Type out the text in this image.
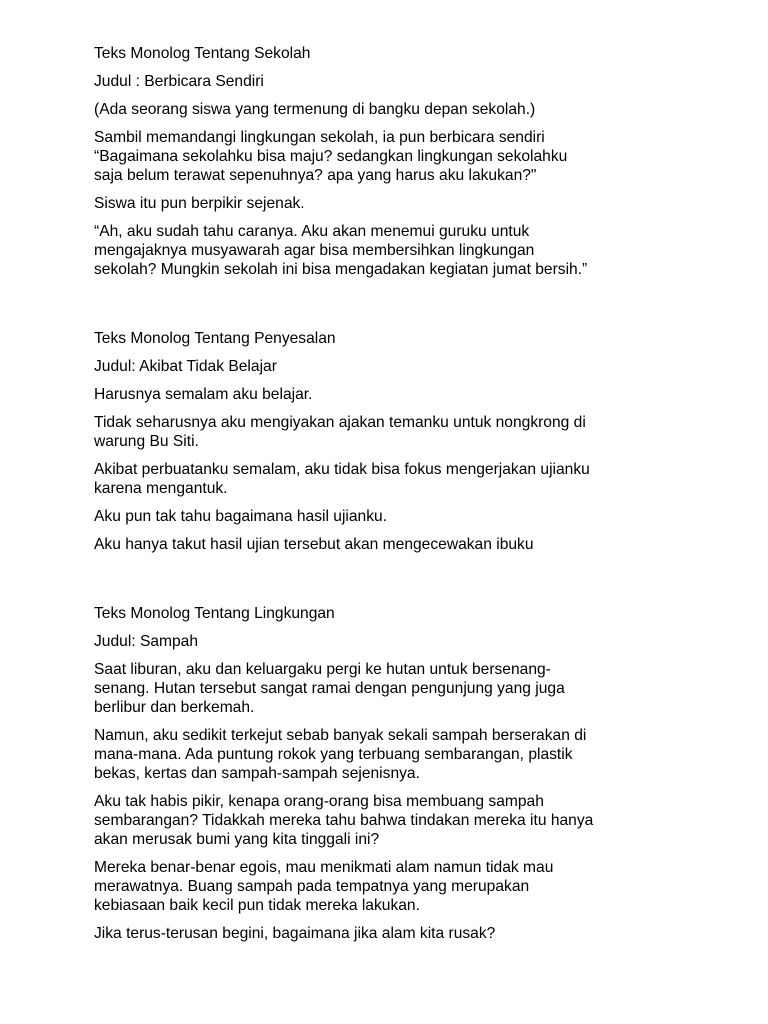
Teks Monolog Tentang Sekolah

Judul : Berbicara Sendiri

(Ada seorang siswa yang termenung di bangku depan sekolah.)

Sambil memandangi lingkungan sekolah, ia pun berbicara sendiri
“Bagaimana sekolahku bisa maju? sedangkan lingkungan sekolahku
saja belum terawat sepenuhnya? apa yang harus aku lakukan?"

Siswa itu pun berpikir sejenak.

“Ah, aku sudah tahu caranya. Aku akan menemui guruku untuk
mengajaknya musyawarah agar bisa membersihkan lingkungan
sekolah? Mungkin sekolah ini bisa mengadakan kegiatan jumat bersih.”

Teks Monolog Tentang Penyesalan

Judul: Akibat Tidak Belajar

Harusnya semalam aku belajar.

Tidak seharusnya aku mengiyakan ajakan temanku untuk nongkrong di
warung Bu Siti.

Akibat perbuatanku semalam, aku tidak bisa fokus mengerjakan ujianku
karena mengantuk.

Aku pun tak tahu bagaimana hasil ujianku.

Aku hanya takut hasil ujian tersebut akan mengecewakan ibuku

Teks Monolog Tentang Lingkungan

Judul: Sampah

Saat liburan, aku dan keluargaku pergi ke hutan untuk bersenang-
senang. Hutan tersebut sangat ramai dengan pengunjung yang juga
berlibur dan berkemah.

Namun, aku sedikit terkejut sebab banyak sekali sampah berserakan di
mana-mana. Ada puntung rokok yang terbuang sembarangan, plastik
bekas, kertas dan sampah-sampah sejenisnya.

Aku tak habis pikir, kenapa orang-orang bisa membuang sampah
sembarangan? Tidakkah mereka tahu bahwa tindakan mereka itu hanya
akan merusak bumi yang kita tinggali ini?

Mereka benar-benar egois, mau menikmati alam namun tidak mau
merawatnya. Buang sampah pada tempatnya yang merupakan
kebiasaan baik kecil pun tidak mereka lakukan.

Jika terus-terusan begini, bagaimana jika alam kita rusak?
